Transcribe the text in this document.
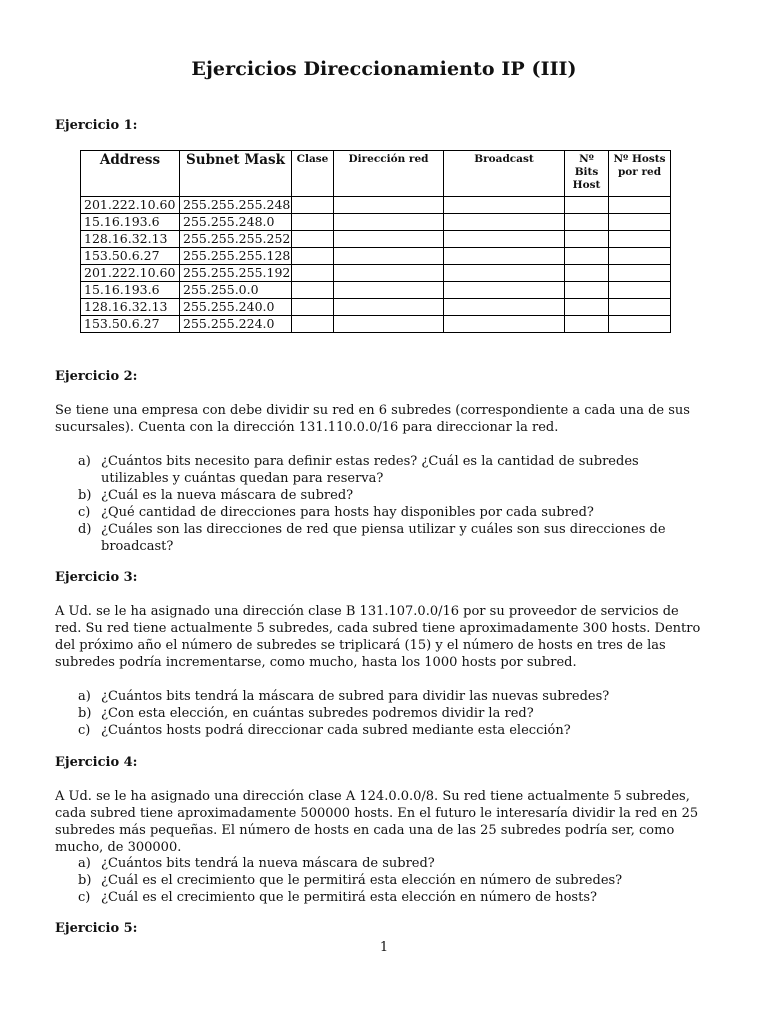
Ejercicios Direccionamiento IP (III)
Ejercicio 1:
Address	Subnet Mask	Clase	Dirección red	Broadcast	Nº Bits Host	Nº Hosts por red
201.222.10.60	255.255.255.248					
15.16.193.6	255.255.248.0					
128.16.32.13	255.255.255.252					
153.50.6.27	255.255.255.128					
201.222.10.60	255.255.255.192					
15.16.193.6	255.255.0.0					
128.16.32.13	255.255.240.0					
153.50.6.27	255.255.224.0					
Ejercicio 2:
Se tiene una empresa con debe dividir su red en 6 subredes (correspondiente a cada una de sus sucursales). Cuenta con la dirección 131.110.0.0/16 para direccionar la red.
a) ¿Cuántos bits necesito para definir estas redes? ¿Cuál es la cantidad de subredes utilizables y cuántas quedan para reserva?
b) ¿Cuál es la nueva máscara de subred?
c) ¿Qué cantidad de direcciones para hosts hay disponibles por cada subred?
d) ¿Cuáles son las direcciones de red que piensa utilizar y cuáles son sus direcciones de broadcast?
Ejercicio 3:
A Ud. se le ha asignado una dirección clase B 131.107.0.0/16 por su proveedor de servicios de red. Su red tiene actualmente 5 subredes, cada subred tiene aproximadamente 300 hosts. Dentro del próximo año el número de subredes se triplicará (15) y el número de hosts en tres de las subredes podría incrementarse, como mucho, hasta los 1000 hosts por subred.
a) ¿Cuántos bits tendrá la máscara de subred para dividir las nuevas subredes?
b) ¿Con esta elección, en cuántas subredes podremos dividir la red?
c) ¿Cuántos hosts podrá direccionar cada subred mediante esta elección?
Ejercicio 4:
A Ud. se le ha asignado una dirección clase A 124.0.0.0/8. Su red tiene actualmente 5 subredes, cada subred tiene aproximadamente 500000 hosts. En el futuro le interesaría dividir la red en 25 subredes más pequeñas. El número de hosts en cada una de las 25 subredes podría ser, como mucho, de 300000.
a) ¿Cuántos bits tendrá la nueva máscara de subred?
b) ¿Cuál es el crecimiento que le permitirá esta elección en número de subredes?
c) ¿Cuál es el crecimiento que le permitirá esta elección en número de hosts?
Ejercicio 5:
1
